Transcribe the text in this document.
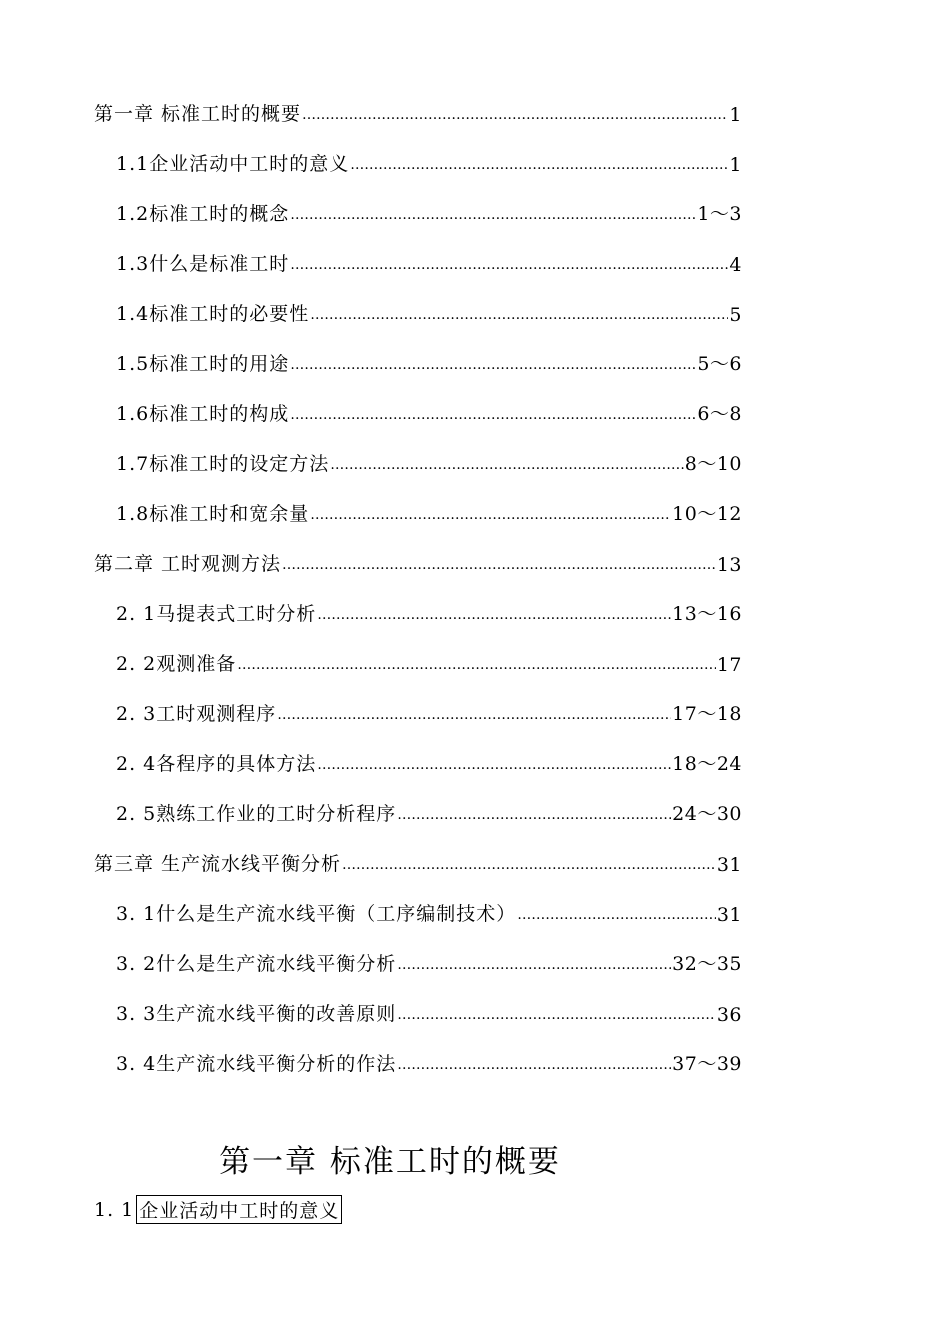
第一章 标准工时的概要 ……………………………………………………………………………………………………………………………………………………	1
1.1企业活动中工时的意义 ……………………………………………………………………………………………………………………………………………………	1
1.2标准工时的概念 ……………………………………………………………………………………………………………………………………………………	1～3
1.3什么是标准工时 ……………………………………………………………………………………………………………………………………………………	4
1.4标准工时的必要性 ……………………………………………………………………………………………………………………………………………………	5
1.5标准工时的用途 ……………………………………………………………………………………………………………………………………………………	5～6
1.6标准工时的构成 ……………………………………………………………………………………………………………………………………………………	6～8
1.7标准工时的设定方法 ……………………………………………………………………………………………………………………………………………………	8～10
1.8标准工时和宽余量 ……………………………………………………………………………………………………………………………………………………	10～12
第二章 工时观测方法 ……………………………………………………………………………………………………………………………………………………	13
2. 1马提表式工时分析 ……………………………………………………………………………………………………………………………………………………	13～16
2. 2观测准备 ……………………………………………………………………………………………………………………………………………………	17
2. 3工时观测程序 ……………………………………………………………………………………………………………………………………………………	17～18
2. 4各程序的具体方法 ……………………………………………………………………………………………………………………………………………………	18～24
2. 5熟练工作业的工时分析程序 ……………………………………………………………………………………………………………………………………………………	24～30
第三章 生产流水线平衡分析 ……………………………………………………………………………………………………………………………………………………	31
3. 1什么是生产流水线平衡（工序编制技术） ……………………………………………………………………………………………………………………………………………………	31
3. 2什么是生产流水线平衡分析 ……………………………………………………………………………………………………………………………………………………	32～35
3. 3生产流水线平衡的改善原则 ……………………………………………………………………………………………………………………………………………………	36
3. 4生产流水线平衡分析的作法 ……………………………………………………………………………………………………………………………………………………	37～39
第一章 标准工时的概要
1. 1 企业活动中工时的意义
